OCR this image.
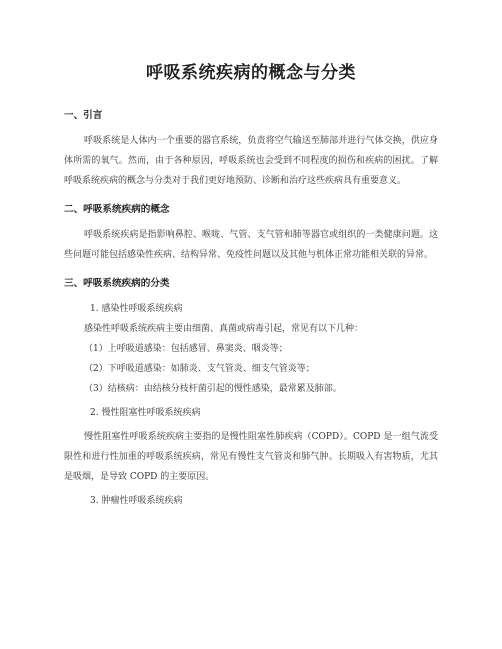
呼吸系统疾病的概念与分类
一、引言

呼吸系统是人体内一个重要的器官系统，负责将空气输送至肺部并进行气体交换，供应身体所需的氧气。然而，由于各种原因，呼吸系统也会受到不同程度的损伤和疾病的困扰。了解呼吸系统疾病的概念与分类对于我们更好地预防、诊断和治疗这些疾病具有重要意义。

二、呼吸系统疾病的概念

呼吸系统疾病是指影响鼻腔、喉咙、气管、支气管和肺等器官或组织的一类健康问题。这些问题可能包括感染性疾病、结构异常、免疫性问题以及其他与机体正常功能相关联的异常。

三、呼吸系统疾病的分类

1. 感染性呼吸系统疾病

感染性呼吸系统疾病主要由细菌、真菌或病毒引起，常见有以下几种：

（1）上呼吸道感染：包括感冒、鼻窦炎、咽炎等；

（2）下呼吸道感染：如肺炎、支气管炎、细支气管炎等；

（3）结核病：由结核分枝杆菌引起的慢性感染，最常累及肺部。

2. 慢性阻塞性呼吸系统疾病

慢性阻塞性呼吸系统疾病主要指的是慢性阻塞性肺疾病（COPD）。COPD 是一组气流受限性和进行性加重的呼吸系统疾病，常见有慢性支气管炎和肺气肿。长期吸入有害物质，尤其是吸烟，是导致 COPD 的主要原因。

3. 肿瘤性呼吸系统疾病
